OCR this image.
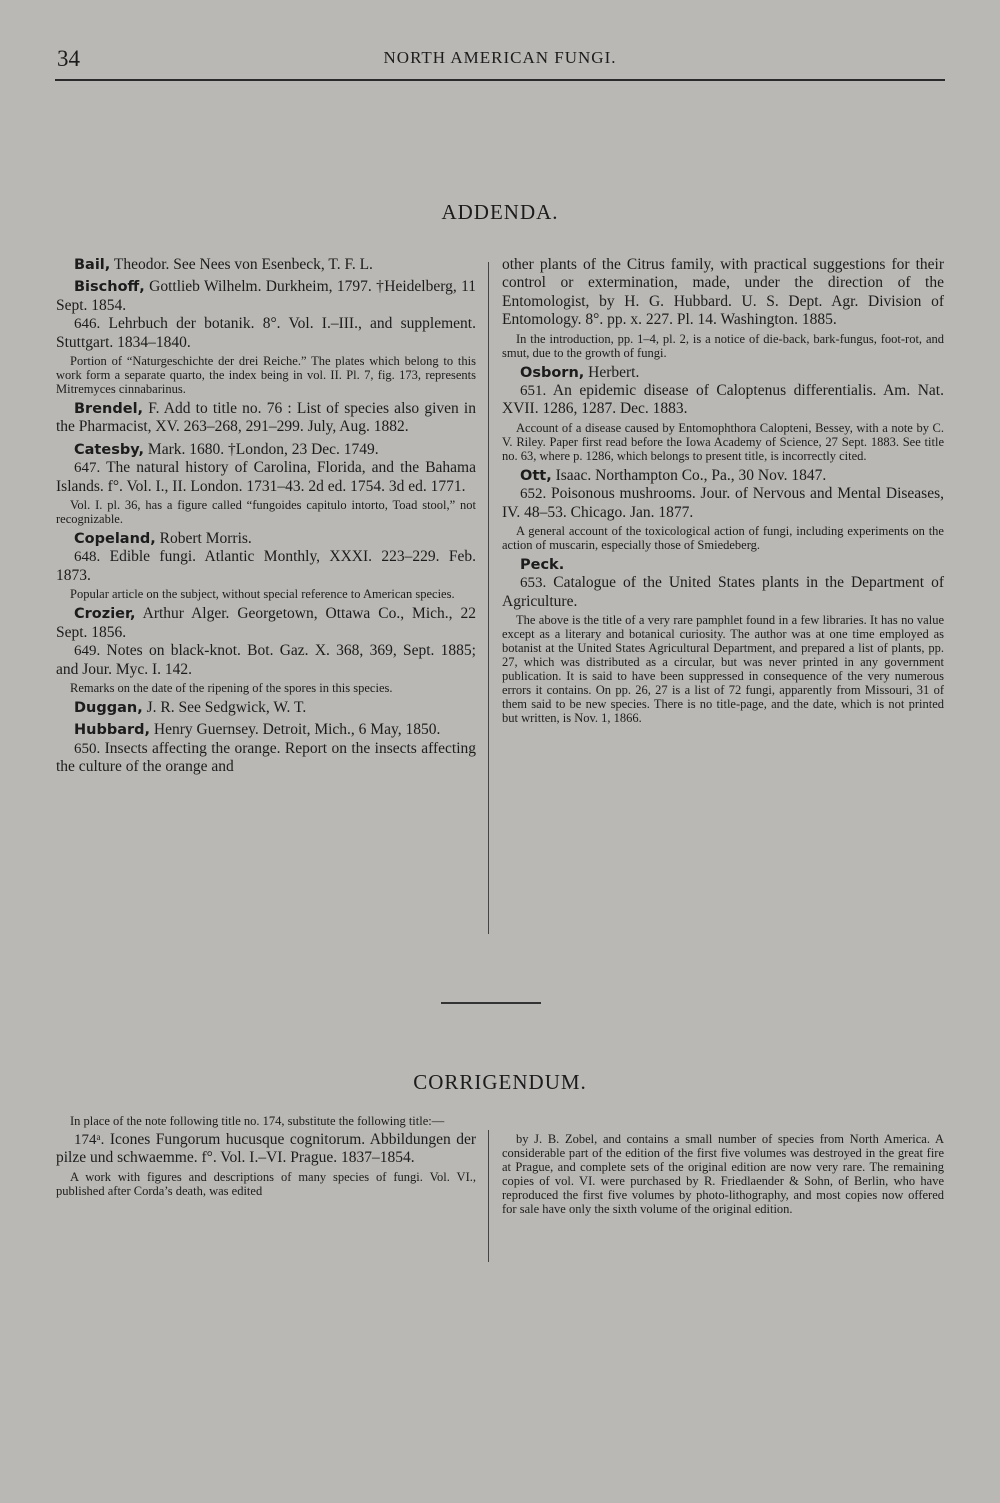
34	NORTH AMERICAN FUNGI.
ADDENDA.

Bail, Theodor. See Nees von Esenbeck, T. F. L.

Bischoff, Gottlieb Wilhelm. Durkheim, 1797. †Heidelberg, 11 Sept. 1854.

646. Lehrbuch der botanik. 8°. Vol. I.–III., and supplement. Stuttgart. 1834–1840.

Portion of “Naturgeschichte der drei Reiche.” The plates which belong to this work form a separate quarto, the index being in vol. II. Pl. 7, fig. 173, represents Mitremyces cinnabarinus.

Brendel, F. Add to title no. 76 : List of species also given in the Pharmacist, XV. 263–268, 291–299. July, Aug. 1882.

Catesby, Mark. 1680. †London, 23 Dec. 1749.

647. The natural history of Carolina, Florida, and the Bahama Islands. f°. Vol. I., II. London. 1731–43. 2d ed. 1754. 3d ed. 1771.

Vol. I. pl. 36, has a figure called “fungoides capitulo intorto, Toad stool,” not recognizable.

Copeland, Robert Morris.

648. Edible fungi. Atlantic Monthly, XXXI. 223–229. Feb. 1873.

Popular article on the subject, without special reference to American species.

Crozier, Arthur Alger. Georgetown, Ottawa Co., Mich., 22 Sept. 1856.

649. Notes on black-knot. Bot. Gaz. X. 368, 369, Sept. 1885; and Jour. Myc. I. 142.

Remarks on the date of the ripening of the spores in this species.

Duggan, J. R. See Sedgwick, W. T.

Hubbard, Henry Guernsey. Detroit, Mich., 6 May, 1850.

650. Insects affecting the orange. Report on the insects affecting the culture of the orange and

other plants of the Citrus family, with practical suggestions for their control or extermination, made, under the direction of the Entomologist, by H. G. Hubbard. U. S. Dept. Agr. Division of Entomology. 8°. pp. x. 227. Pl. 14. Washington. 1885.

In the introduction, pp. 1–4, pl. 2, is a notice of die-back, bark-fungus, foot-rot, and smut, due to the growth of fungi.

Osborn, Herbert.

651. An epidemic disease of Caloptenus differentialis. Am. Nat. XVII. 1286, 1287. Dec. 1883.

Account of a disease caused by Entomophthora Calopteni, Bessey, with a note by C. V. Riley. Paper first read before the Iowa Academy of Science, 27 Sept. 1883. See title no. 63, where p. 1286, which belongs to present title, is incorrectly cited.

Ott, Isaac. Northampton Co., Pa., 30 Nov. 1847.

652. Poisonous mushrooms. Jour. of Nervous and Mental Diseases, IV. 48–53. Chicago. Jan. 1877.

A general account of the toxicological action of fungi, including experiments on the action of muscarin, especially those of Smiedeberg.

Peck.

653. Catalogue of the United States plants in the Department of Agriculture.

The above is the title of a very rare pamphlet found in a few libraries. It has no value except as a literary and botanical curiosity. The author was at one time employed as botanist at the United States Agricultural Department, and prepared a list of plants, pp. 27, which was distributed as a circular, but was never printed in any government publication. It is said to have been suppressed in consequence of the very numerous errors it contains. On pp. 26, 27 is a list of 72 fungi, apparently from Missouri, 31 of them said to be new species. There is no title-page, and the date, which is not printed but written, is Nov. 1, 1866.

CORRIGENDUM.

In place of the note following title no. 174, substitute the following title:—

174ᵃ. Icones Fungorum hucusque cognitorum. Abbildungen der pilze und schwaemme. f°. Vol. I.–VI. Prague. 1837–1854.

A work with figures and descriptions of many species of fungi. Vol. VI., published after Corda’s death, was edited

by J. B. Zobel, and contains a small number of species from North America. A considerable part of the edition of the first five volumes was destroyed in the great fire at Prague, and complete sets of the original edition are now very rare. The remaining copies of vol. VI. were purchased by R. Friedlaender & Sohn, of Berlin, who have reproduced the first five volumes by photo-lithography, and most copies now offered for sale have only the sixth volume of the original edition.
